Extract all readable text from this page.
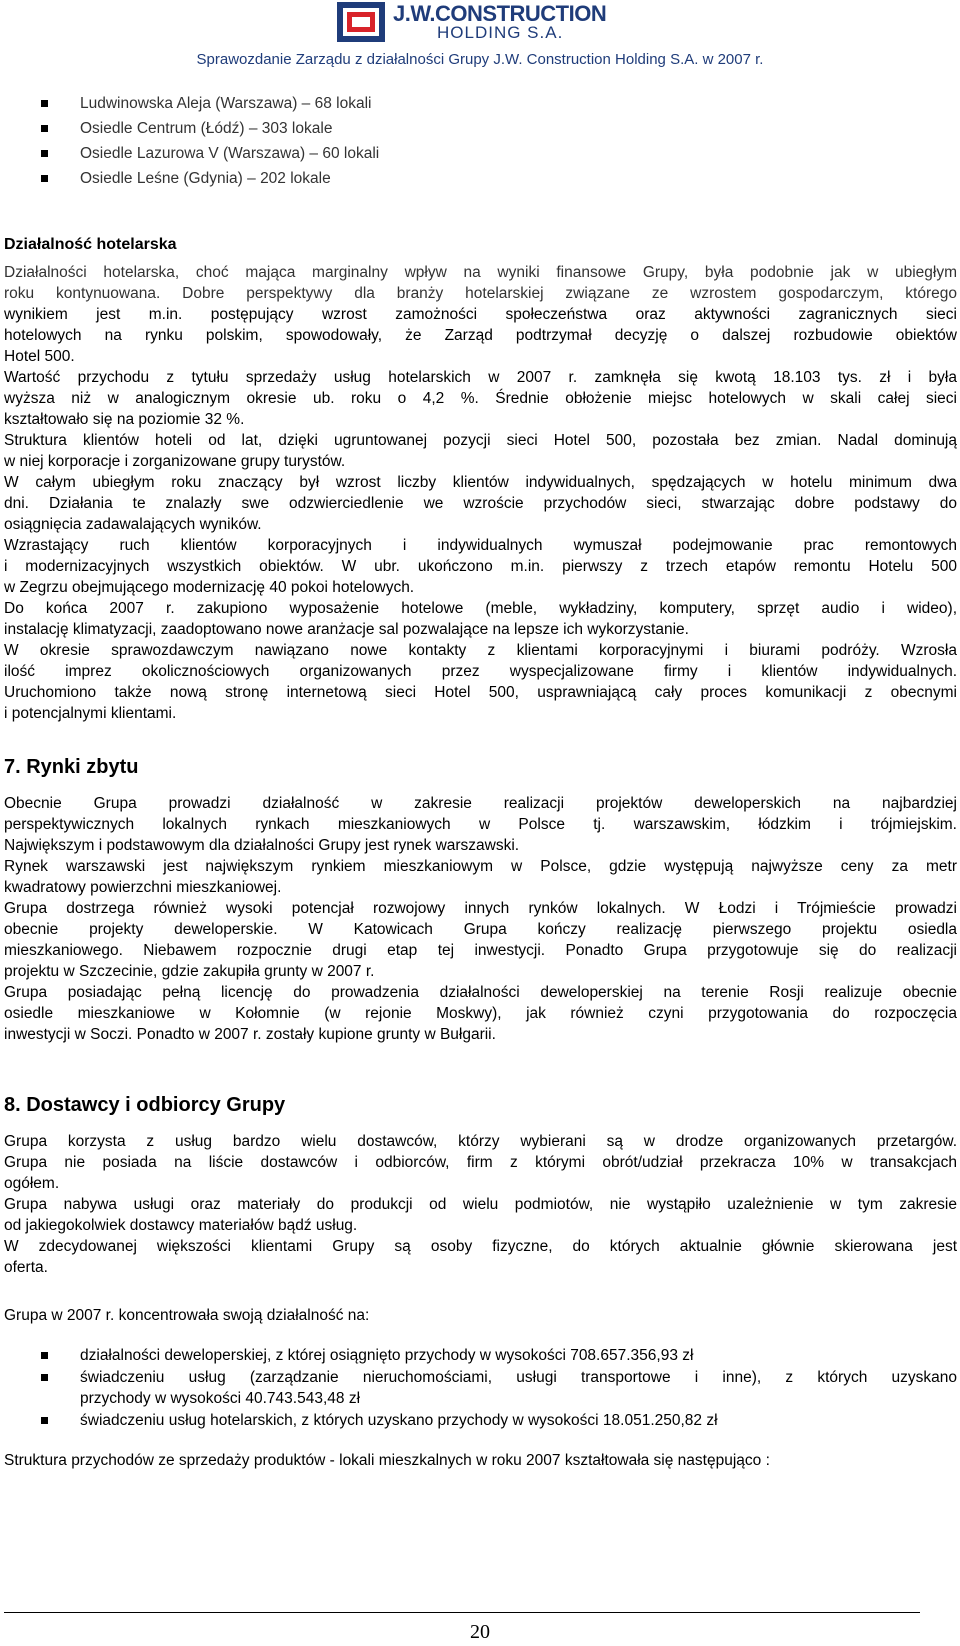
J.W.CONSTRUCTION
HOLDING S.A.
Sprawozdanie Zarządu z działalności Grupy J.W. Construction Holding S.A. w 2007 r.
Ludwinowska Aleja (Warszawa) – 68 lokali
Osiedle Centrum (Łódź) – 303 lokale
Osiedle Lazurowa V (Warszawa) – 60 lokali
Osiedle Leśne (Gdynia) – 202 lokale
Działalność hotelarska
Działalności hotelarska, choć mająca marginalny wpływ na wyniki finansowe Grupy, była podobnie jak w ubiegłym
roku kontynuowana. Dobre perspektywy dla branży hotelarskiej związane ze wzrostem gospodarczym, którego
wynikiem jest m.in. postępujący wzrost zamożności społeczeństwa oraz aktywności zagranicznych sieci
hotelowych na rynku polskim, spowodowały, że Zarząd podtrzymał decyzję o dalszej rozbudowie obiektów
Hotel 500.
Wartość przychodu z tytułu sprzedaży usług hotelarskich w 2007 r. zamknęła się kwotą 18.103 tys. zł i była
wyższa niż w analogicznym okresie ub. roku o 4,2 %. Średnie obłożenie miejsc hotelowych w skali całej sieci
kształtowało się na poziomie 32 %.
Struktura klientów hoteli od lat, dzięki ugruntowanej pozycji sieci Hotel 500, pozostała bez zmian. Nadal dominują
w niej korporacje i zorganizowane grupy turystów.
W całym ubiegłym roku znaczący był wzrost liczby klientów indywidualnych, spędzających w hotelu minimum dwa
dni. Działania te znalazły swe odzwierciedlenie we wzroście przychodów sieci, stwarzając dobre podstawy do
osiągnięcia zadawalających wyników.
Wzrastający ruch klientów korporacyjnych i indywidualnych wymuszał podejmowanie prac remontowych
i modernizacyjnych wszystkich obiektów. W ubr. ukończono m.in. pierwszy z trzech etapów remontu Hotelu 500
w Zegrzu obejmującego modernizację 40 pokoi hotelowych.
Do końca 2007 r. zakupiono wyposażenie hotelowe (meble, wykładziny, komputery, sprzęt audio i wideo),
instalację klimatyzacji, zaadoptowano nowe aranżacje sal pozwalające na lepsze ich wykorzystanie.
W okresie sprawozdawczym nawiązano nowe kontakty z klientami korporacyjnymi i biurami podróży. Wzrosła
ilość imprez okolicznościowych organizowanych przez wyspecjalizowane firmy i klientów indywidualnych.
Uruchomiono także nową stronę internetową sieci Hotel 500, usprawniającą cały proces komunikacji z obecnymi
i potencjalnymi klientami.
7. Rynki zbytu
Obecnie Grupa prowadzi działalność w zakresie realizacji projektów deweloperskich na najbardziej
perspektywicznych lokalnych rynkach mieszkaniowych w Polsce tj. warszawskim, łódzkim i trójmiejskim.
Największym i podstawowym dla działalności Grupy jest rynek warszawski.
Rynek warszawski jest największym rynkiem mieszkaniowym w Polsce, gdzie występują najwyższe ceny za metr
kwadratowy powierzchni mieszkaniowej.
Grupa dostrzega również wysoki potencjał rozwojowy innych rynków lokalnych. W Łodzi i Trójmieście prowadzi
obecnie projekty deweloperskie. W Katowicach Grupa kończy realizację pierwszego projektu osiedla
mieszkaniowego. Niebawem rozpocznie drugi etap tej inwestycji. Ponadto Grupa przygotowuje się do realizacji
projektu w Szczecinie, gdzie zakupiła grunty w 2007 r.
Grupa posiadając pełną licencję do prowadzenia działalności deweloperskiej na terenie Rosji realizuje obecnie
osiedle mieszkaniowe w Kołomnie (w rejonie Moskwy), jak również czyni przygotowania do rozpoczęcia
inwestycji w Soczi. Ponadto w 2007 r. zostały kupione grunty w Bułgarii.
8. Dostawcy i odbiorcy Grupy
Grupa korzysta z usług bardzo wielu dostawców, którzy wybierani są w drodze organizowanych przetargów.
Grupa nie posiada na liście dostawców i odbiorców, firm z którymi obrót/udział przekracza 10% w transakcjach
ogółem.
Grupa nabywa usługi oraz materiały do produkcji od wielu podmiotów, nie wystąpiło uzależnienie w tym zakresie
od jakiegokolwiek dostawcy materiałów bądź usług.
W zdecydowanej większości klientami Grupy są osoby fizyczne, do których aktualnie głównie skierowana jest
oferta.
Grupa w 2007 r. koncentrowała swoją działalność na:
działalności deweloperskiej, z której osiągnięto przychody w wysokości 708.657.356,93 zł
świadczeniu usług (zarządzanie nieruchomościami, usługi transportowe i inne), z których uzyskano
przychody w wysokości 40.743.543,48 zł
świadczeniu usług hotelarskich, z których uzyskano przychody w wysokości 18.051.250,82 zł
Struktura przychodów ze sprzedaży produktów - lokali mieszkalnych w roku 2007 kształtowała się następująco :
20
